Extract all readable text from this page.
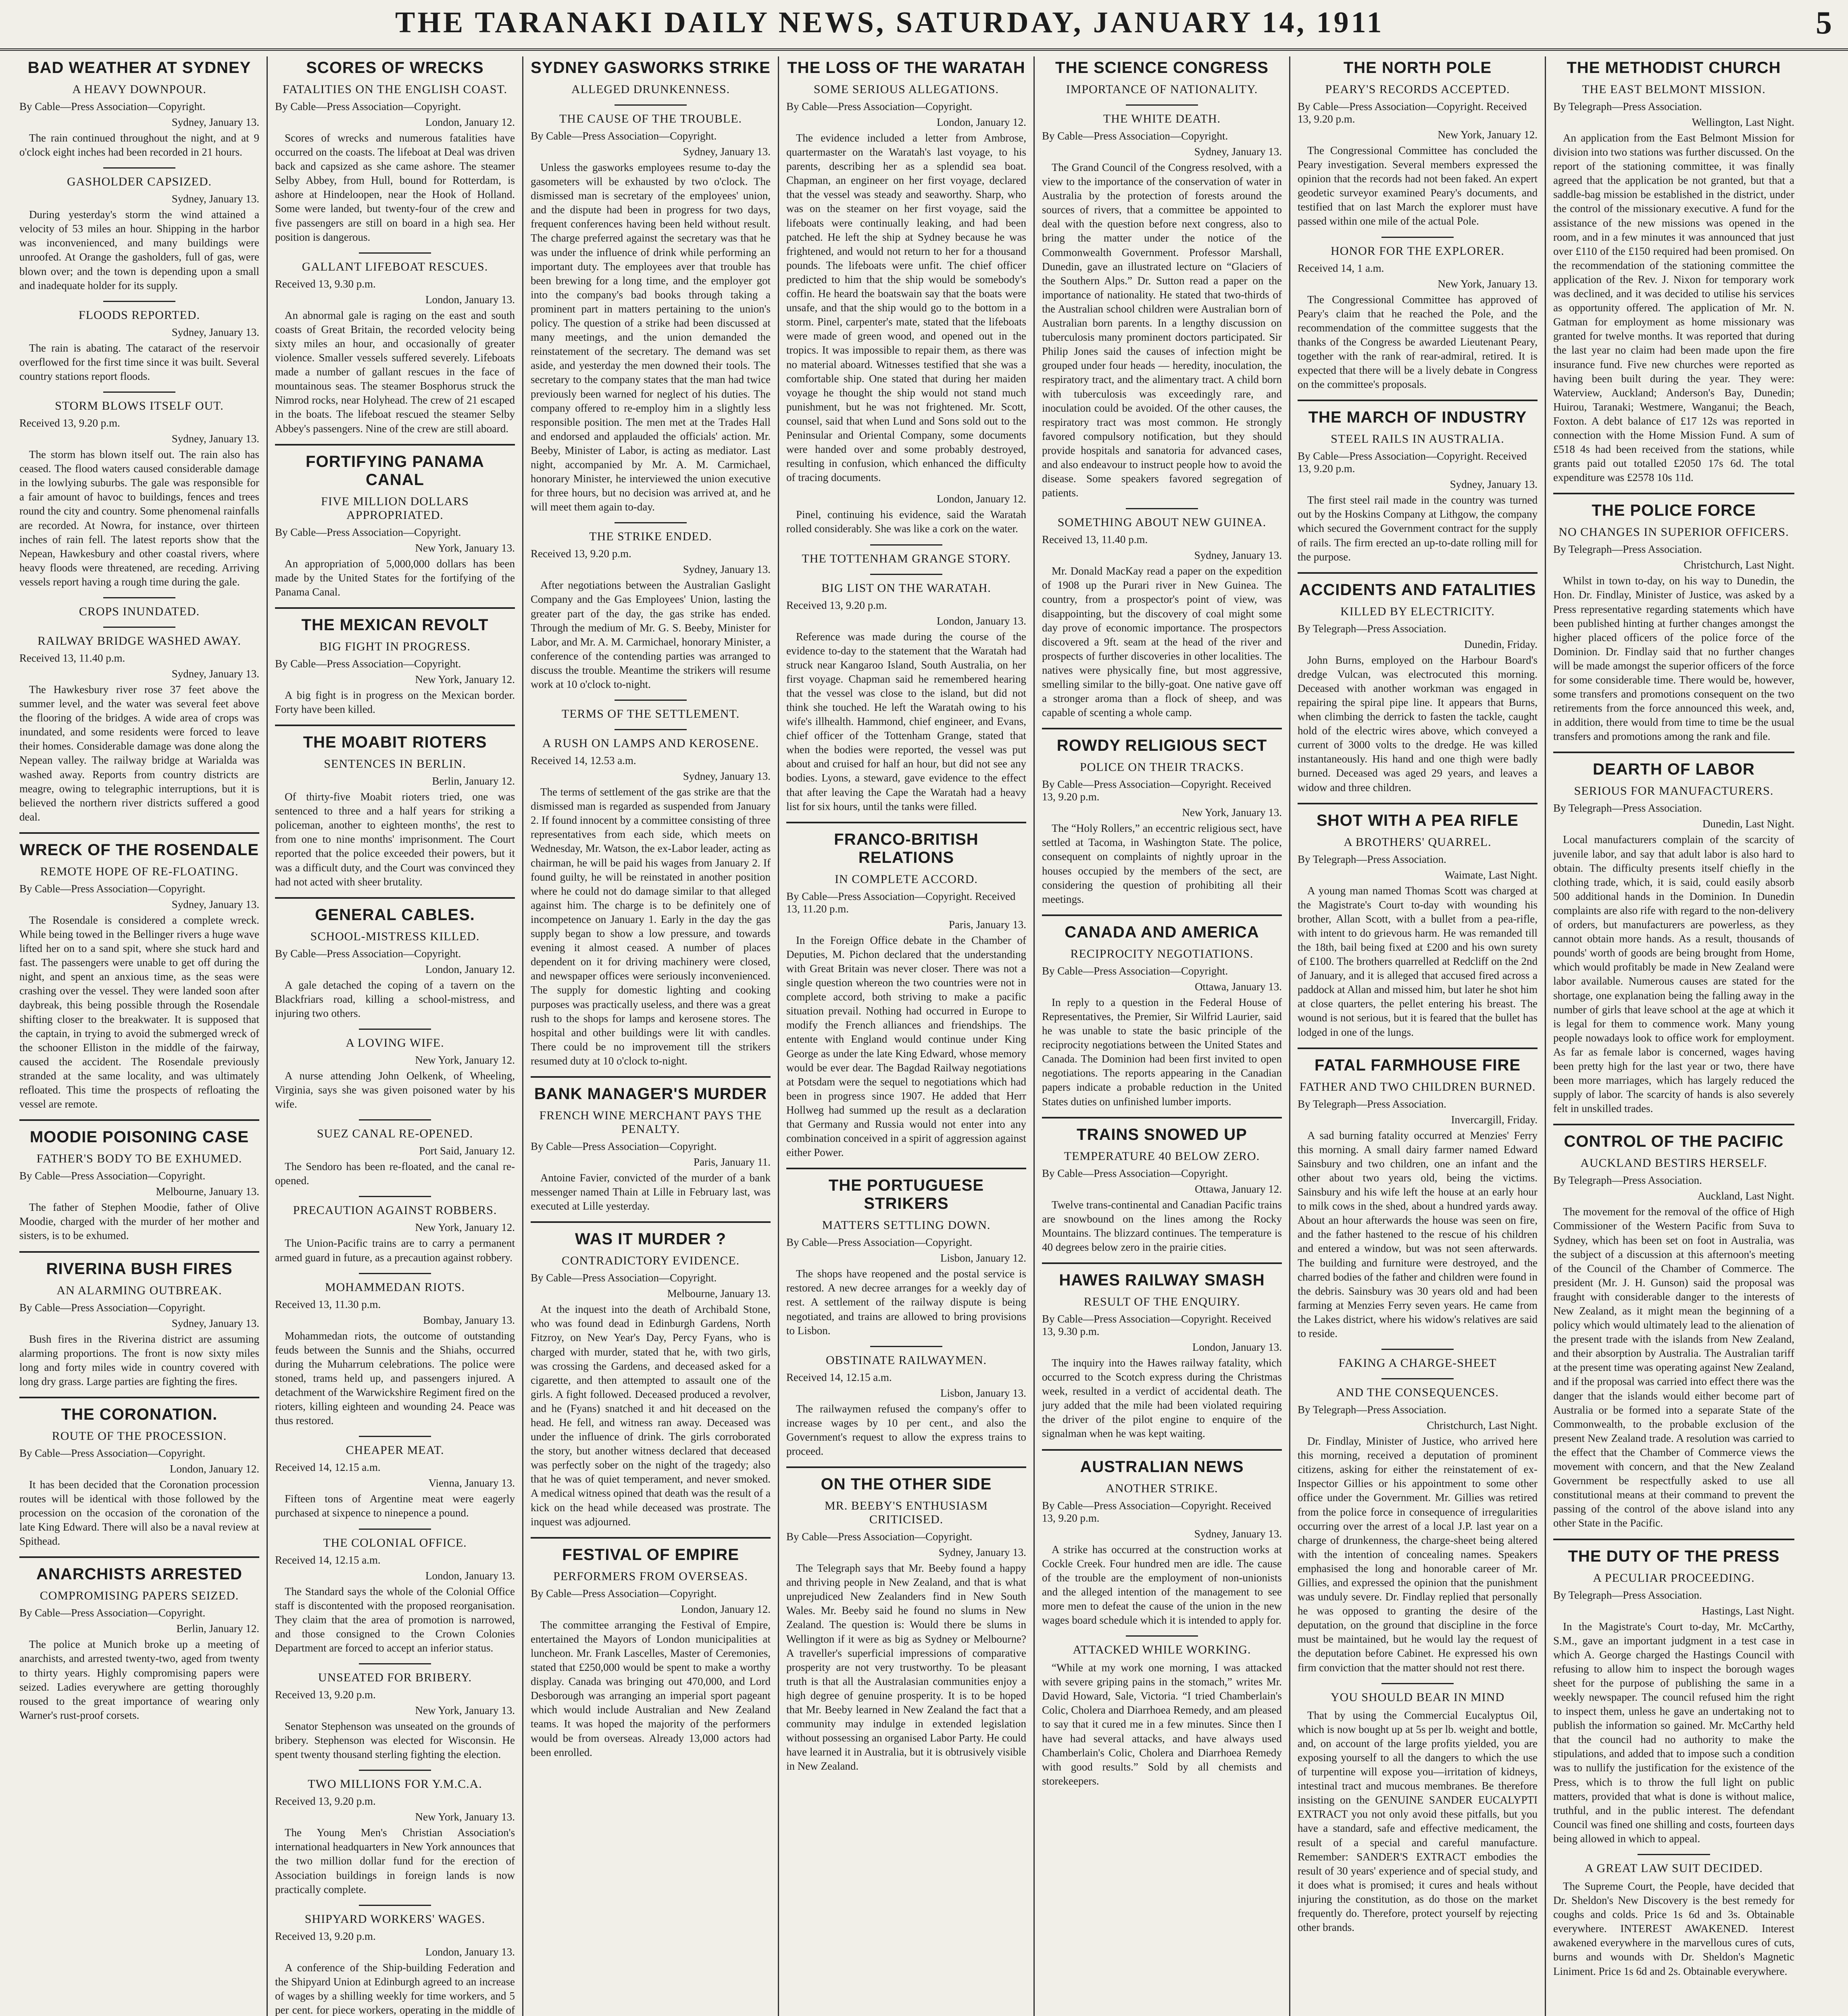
THE TARANAKI DAILY NEWS, SATURDAY, JANUARY 14, 1911	5
BAD WEATHER AT SYDNEY
A HEAVY DOWNPOUR.
By Cable—Press Association—Copyright.
Sydney, January 13.

The rain continued throughout the night, and at 9 o'clock eight inches had been recorded in 21 hours.

GASHOLDER CAPSIZED.
Sydney, January 13.

During yesterday's storm the wind attained a velocity of 53 miles an hour. Shipping in the harbor was inconvenienced, and many buildings were unroofed. At Orange the gasholders, full of gas, were blown over; and the town is depending upon a small and inadequate holder for its supply.

FLOODS REPORTED.
Sydney, January 13.

The rain is abating. The cataract of the reservoir overflowed for the first time since it was built. Several country stations report floods.

STORM BLOWS ITSELF OUT.
Received 13, 9.20 p.m.
Sydney, January 13.

The storm has blown itself out. The rain also has ceased. The flood waters caused considerable damage in the lowlying suburbs. The gale was responsible for a fair amount of havoc to buildings, fences and trees round the city and country. Some phenomenal rainfalls are recorded. At Nowra, for instance, over thirteen inches of rain fell. The latest reports show that the Nepean, Hawkesbury and other coastal rivers, where heavy floods were threatened, are receding. Arriving vessels report having a rough time during the gale.

CROPS INUNDATED.
RAILWAY BRIDGE WASHED AWAY.
Received 13, 11.40 p.m.
Sydney, January 13.

The Hawkesbury river rose 37 feet above the summer level, and the water was several feet above the flooring of the bridges. A wide area of crops was inundated, and some residents were forced to leave their homes. Considerable damage was done along the Nepean valley. The railway bridge at Warialda was washed away. Reports from country districts are meagre, owing to telegraphic interruptions, but it is believed the northern river districts suffered a good deal.

WRECK OF THE ROSENDALE
REMOTE HOPE OF RE-FLOATING.
By Cable—Press Association—Copyright.
Sydney, January 13.

The Rosendale is considered a complete wreck. While being towed in the Bellinger rivers a huge wave lifted her on to a sand spit, where she stuck hard and fast. The passengers were unable to get off during the night, and spent an anxious time, as the seas were crashing over the vessel. They were landed soon after daybreak, this being possible through the Rosendale shifting closer to the breakwater. It is supposed that the captain, in trying to avoid the submerged wreck of the schooner Elliston in the middle of the fairway, caused the accident. The Rosendale previously stranded at the same locality, and was ultimately refloated. This time the prospects of refloating the vessel are remote.

MOODIE POISONING CASE
FATHER'S BODY TO BE EXHUMED.
By Cable—Press Association—Copyright.
Melbourne, January 13.

The father of Stephen Moodie, father of Olive Moodie, charged with the murder of her mother and sisters, is to be exhumed.

RIVERINA BUSH FIRES
AN ALARMING OUTBREAK.
By Cable—Press Association—Copyright.
Sydney, January 13.

Bush fires in the Riverina district are assuming alarming proportions. The front is now sixty miles long and forty miles wide in country covered with long dry grass. Large parties are fighting the fires.

THE CORONATION.
ROUTE OF THE PROCESSION.
By Cable—Press Association—Copyright.
London, January 12.

It has been decided that the Coronation procession routes will be identical with those followed by the procession on the occasion of the coronation of the late King Edward. There will also be a naval review at Spithead.

ANARCHISTS ARRESTED
COMPROMISING PAPERS SEIZED.
By Cable—Press Association—Copyright.
Berlin, January 12.

The police at Munich broke up a meeting of anarchists, and arrested twenty-two, aged from twenty to thirty years. Highly compromising papers were seized. Ladies everywhere are getting thoroughly roused to the great importance of wearing only Warner's rust-proof corsets.

SCORES OF WRECKS
FATALITIES ON THE ENGLISH COAST.
By Cable—Press Association—Copyright.
London, January 12.

Scores of wrecks and numerous fatalities have occurred on the coasts. The lifeboat at Deal was driven back and capsized as she came ashore. The steamer Selby Abbey, from Hull, bound for Rotterdam, is ashore at Hindeloopen, near the Hook of Holland. Some were landed, but twenty-four of the crew and five passengers are still on board in a high sea. Her position is dangerous.

GALLANT LIFEBOAT RESCUES.
Received 13, 9.30 p.m.
London, January 13.

An abnormal gale is raging on the east and south coasts of Great Britain, the recorded velocity being sixty miles an hour, and occasionally of greater violence. Smaller vessels suffered severely. Lifeboats made a number of gallant rescues in the face of mountainous seas. The steamer Bosphorus struck the Nimrod rocks, near Holyhead. The crew of 21 escaped in the boats. The lifeboat rescued the steamer Selby Abbey's passengers. Nine of the crew are still aboard.

FORTIFYING PANAMA CANAL
FIVE MILLION DOLLARS APPROPRIATED.
By Cable—Press Association—Copyright.
New York, January 13.

An appropriation of 5,000,000 dollars has been made by the United States for the fortifying of the Panama Canal.

THE MEXICAN REVOLT
BIG FIGHT IN PROGRESS.
By Cable—Press Association—Copyright.
New York, January 12.

A big fight is in progress on the Mexican border. Forty have been killed.

THE MOABIT RIOTERS
SENTENCES IN BERLIN.
Berlin, January 12.

Of thirty-five Moabit rioters tried, one was sentenced to three and a half years for striking a policeman, another to eighteen months', the rest to from one to nine months' imprisonment. The Court reported that the police exceeded their powers, but it was a difficult duty, and the Court was convinced they had not acted with sheer brutality.

GENERAL CABLES.
SCHOOL-MISTRESS KILLED.
By Cable—Press Association—Copyright.
London, January 12.

A gale detached the coping of a tavern on the Blackfriars road, killing a school-mistress, and injuring two others.

A LOVING WIFE.
New York, January 12.

A nurse attending John Oelkenk, of Wheeling, Virginia, says she was given poisoned water by his wife.

SUEZ CANAL RE-OPENED.
Port Said, January 12.

The Sendoro has been re-floated, and the canal re-opened.

PRECAUTION AGAINST ROBBERS.
New York, January 12.

The Union-Pacific trains are to carry a permanent armed guard in future, as a precaution against robbery.

MOHAMMEDAN RIOTS.
Received 13, 11.30 p.m.
Bombay, January 13.

Mohammedan riots, the outcome of outstanding feuds between the Sunnis and the Shiahs, occurred during the Muharrum celebrations. The police were stoned, trams held up, and passengers injured. A detachment of the Warwickshire Regiment fired on the rioters, killing eighteen and wounding 24. Peace was thus restored.

CHEAPER MEAT.
Received 14, 12.15 a.m.
Vienna, January 13.

Fifteen tons of Argentine meat were eagerly purchased at sixpence to ninepence a pound.

THE COLONIAL OFFICE.
Received 14, 12.15 a.m.
London, January 13.

The Standard says the whole of the Colonial Office staff is discontented with the proposed reorganisation. They claim that the area of promotion is narrowed, and those consigned to the Crown Colonies Department are forced to accept an inferior status.

UNSEATED FOR BRIBERY.
Received 13, 9.20 p.m.
New York, January 13.

Senator Stephenson was unseated on the grounds of bribery. Stephenson was elected for Wisconsin. He spent twenty thousand sterling fighting the election.

TWO MILLIONS FOR Y.M.C.A.
Received 13, 9.20 p.m.
New York, January 13.

The Young Men's Christian Association's international headquarters in New York announces that the two million dollar fund for the erection of Association buildings in foreign lands is now practically complete.

SHIPYARD WORKERS' WAGES.
Received 13, 9.20 p.m.
London, January 13.

A conference of the Ship-building Federation and the Shipyard Union at Edinburgh agreed to an increase of wages by a shilling weekly for time workers, and 5 per cent. for piece workers, operating in the middle of

SYDNEY GASWORKS STRIKE
ALLEGED DRUNKENNESS.
THE CAUSE OF THE TROUBLE.
By Cable—Press Association—Copyright.
Sydney, January 13.

Unless the gasworks employees resume to-day the gasometers will be exhausted by two o'clock. The dismissed man is secretary of the employees' union, and the dispute had been in progress for two days, frequent conferences having been held without result. The charge preferred against the secretary was that he was under the influence of drink while performing an important duty. The employees aver that trouble has been brewing for a long time, and the employer got into the company's bad books through taking a prominent part in matters pertaining to the union's policy. The question of a strike had been discussed at many meetings, and the union demanded the reinstatement of the secretary. The demand was set aside, and yesterday the men downed their tools. The secretary to the company states that the man had twice previously been warned for neglect of his duties. The company offered to re-employ him in a slightly less responsible position. The men met at the Trades Hall and endorsed and applauded the officials' action. Mr. Beeby, Minister of Labor, is acting as mediator. Last night, accompanied by Mr. A. M. Carmichael, honorary Minister, he interviewed the union executive for three hours, but no decision was arrived at, and he will meet them again to-day.

THE STRIKE ENDED.
Received 13, 9.20 p.m.
Sydney, January 13.

After negotiations between the Australian Gaslight Company and the Gas Employees' Union, lasting the greater part of the day, the gas strike has ended. Through the medium of Mr. G. S. Beeby, Minister for Labor, and Mr. A. M. Carmichael, honorary Minister, a conference of the contending parties was arranged to discuss the trouble. Meantime the strikers will resume work at 10 o'clock to-night.

TERMS OF THE SETTLEMENT.
A RUSH ON LAMPS AND KEROSENE.
Received 14, 12.53 a.m.
Sydney, January 13.

The terms of settlement of the gas strike are that the dismissed man is regarded as suspended from January 2. If found innocent by a committee consisting of three representatives from each side, which meets on Wednesday, Mr. Watson, the ex-Labor leader, acting as chairman, he will be paid his wages from January 2. If found guilty, he will be reinstated in another position where he could not do damage similar to that alleged against him. The charge is to be definitely one of incompetence on January 1. Early in the day the gas supply began to show a low pressure, and towards evening it almost ceased. A number of places dependent on it for driving machinery were closed, and newspaper offices were seriously inconvenienced. The supply for domestic lighting and cooking purposes was practically useless, and there was a great rush to the shops for lamps and kerosene stores. The hospital and other buildings were lit with candles. There could be no improvement till the strikers resumed duty at 10 o'clock to-night.

BANK MANAGER'S MURDER
FRENCH WINE MERCHANT PAYS THE PENALTY.
By Cable—Press Association—Copyright.
Paris, January 11.

Antoine Favier, convicted of the murder of a bank messenger named Thain at Lille in February last, was executed at Lille yesterday.

WAS IT MURDER ?
CONTRADICTORY EVIDENCE.
By Cable—Press Association—Copyright.
Melbourne, January 13.

At the inquest into the death of Archibald Stone, who was found dead in Edinburgh Gardens, North Fitzroy, on New Year's Day, Percy Fyans, who is charged with murder, stated that he, with two girls, was crossing the Gardens, and deceased asked for a cigarette, and then attempted to assault one of the girls. A fight followed. Deceased produced a revolver, and he (Fyans) snatched it and hit deceased on the head. He fell, and witness ran away. Deceased was under the influence of drink. The girls corroborated the story, but another witness declared that deceased was perfectly sober on the night of the tragedy; also that he was of quiet temperament, and never smoked. A medical witness opined that death was the result of a kick on the head while deceased was prostrate. The inquest was adjourned.

FESTIVAL OF EMPIRE
PERFORMERS FROM OVERSEAS.
By Cable—Press Association—Copyright.
London, January 12.

The committee arranging the Festival of Empire, entertained the Mayors of London municipalities at luncheon. Mr. Frank Lascelles, Master of Ceremonies, stated that £250,000 would be spent to make a worthy display. Canada was bringing out 470,000, and Lord Desborough was arranging an imperial sport pageant which would include Australian and New Zealand teams. It was hoped the majority of the performers would be from overseas. Already 13,000 actors had been enrolled.

THE LOSS OF THE WARATAH
SOME SERIOUS ALLEGATIONS.
By Cable—Press Association—Copyright.
London, January 12.

The evidence included a letter from Ambrose, quartermaster on the Waratah's last voyage, to his parents, describing her as a splendid sea boat. Chapman, an engineer on her first voyage, declared that the vessel was steady and seaworthy. Sharp, who was on the steamer on her first voyage, said the lifeboats were continually leaking, and had been patched. He left the ship at Sydney because he was frightened, and would not return to her for a thousand pounds. The lifeboats were unfit. The chief officer predicted to him that the ship would be somebody's coffin. He heard the boatswain say that the boats were unsafe, and that the ship would go to the bottom in a storm. Pinel, carpenter's mate, stated that the lifeboats were made of green wood, and opened out in the tropics. It was impossible to repair them, as there was no material aboard. Witnesses testified that she was a comfortable ship. One stated that during her maiden voyage he thought the ship would not stand much punishment, but he was not frightened. Mr. Scott, counsel, said that when Lund and Sons sold out to the Peninsular and Oriental Company, some documents were handed over and some probably destroyed, resulting in confusion, which enhanced the difficulty of tracing documents.

London, January 12.

Pinel, continuing his evidence, said the Waratah rolled considerably. She was like a cork on the water.

THE TOTTENHAM GRANGE STORY.
BIG LIST ON THE WARATAH.
Received 13, 9.20 p.m.
London, January 13.

Reference was made during the course of the evidence to-day to the statement that the Waratah had struck near Kangaroo Island, South Australia, on her first voyage. Chapman said he remembered hearing that the vessel was close to the island, but did not think she touched. He left the Waratah owing to his wife's illhealth. Hammond, chief engineer, and Evans, chief officer of the Tottenham Grange, stated that when the bodies were reported, the vessel was put about and cruised for half an hour, but did not see any bodies. Lyons, a steward, gave evidence to the effect that after leaving the Cape the Waratah had a heavy list for six hours, until the tanks were filled.

FRANCO-BRITISH RELATIONS
IN COMPLETE ACCORD.
By Cable—Press Association—Copyright. Received 13, 11.20 p.m.
Paris, January 13.

In the Foreign Office debate in the Chamber of Deputies, M. Pichon declared that the understanding with Great Britain was never closer. There was not a single question whereon the two countries were not in complete accord, both striving to make a pacific situation prevail. Nothing had occurred in Europe to modify the French alliances and friendships. The entente with England would continue under King George as under the late King Edward, whose memory would be ever dear. The Bagdad Railway negotiations at Potsdam were the sequel to negotiations which had been in progress since 1907. He added that Herr Hollweg had summed up the result as a declaration that Germany and Russia would not enter into any combination conceived in a spirit of aggression against either Power.

THE PORTUGUESE STRIKERS
MATTERS SETTLING DOWN.
By Cable—Press Association—Copyright.
Lisbon, January 12.

The shops have reopened and the postal service is restored. A new decree arranges for a weekly day of rest. A settlement of the railway dispute is being negotiated, and trains are allowed to bring provisions to Lisbon.

OBSTINATE RAILWAYMEN.
Received 14, 12.15 a.m.
Lisbon, January 13.

The railwaymen refused the company's offer to increase wages by 10 per cent., and also the Government's request to allow the express trains to proceed.

ON THE OTHER SIDE
MR. BEEBY'S ENTHUSIASM CRITICISED.
By Cable—Press Association—Copyright.
Sydney, January 13.

The Telegraph says that Mr. Beeby found a happy and thriving people in New Zealand, and that is what unprejudiced New Zealanders find in New South Wales. Mr. Beeby said he found no slums in New Zealand. The question is: Would there be slums in Wellington if it were as big as Sydney or Melbourne? A traveller's superficial impressions of comparative prosperity are not very trustworthy. To be pleasant truth is that all the Australasian communities enjoy a high degree of genuine prosperity. It is to be hoped that Mr. Beeby learned in New Zealand the fact that a community may indulge in extended legislation without possessing an organised Labor Party. He could have learned it in Australia, but it is obtrusively visible in New Zealand.

THE SCIENCE CONGRESS
IMPORTANCE OF NATIONALITY.
THE WHITE DEATH.
By Cable—Press Association—Copyright.
Sydney, January 13.

The Grand Council of the Congress resolved, with a view to the importance of the conservation of water in Australia by the protection of forests around the sources of rivers, that a committee be appointed to deal with the question before next congress, also to bring the matter under the notice of the Commonwealth Government. Professor Marshall, Dunedin, gave an illustrated lecture on “Glaciers of the Southern Alps.” Dr. Sutton read a paper on the importance of nationality. He stated that two-thirds of the Australian school children were Australian born of Australian born parents. In a lengthy discussion on tuberculosis many prominent doctors participated. Sir Philip Jones said the causes of infection might be grouped under four heads — heredity, inoculation, the respiratory tract, and the alimentary tract. A child born with tuberculosis was exceedingly rare, and inoculation could be avoided. Of the other causes, the respiratory tract was most common. He strongly favored compulsory notification, but they should provide hospitals and sanatoria for advanced cases, and also endeavour to instruct people how to avoid the disease. Some speakers favored segregation of patients.

SOMETHING ABOUT NEW GUINEA.
Received 13, 11.40 p.m.
Sydney, January 13.

Mr. Donald MacKay read a paper on the expedition of 1908 up the Purari river in New Guinea. The country, from a prospector's point of view, was disappointing, but the discovery of coal might some day prove of economic importance. The prospectors discovered a 9ft. seam at the head of the river and prospects of further discoveries in other localities. The natives were physically fine, but most aggressive, smelling similar to the billy-goat. One native gave off a stronger aroma than a flock of sheep, and was capable of scenting a whole camp.

ROWDY RELIGIOUS SECT
POLICE ON THEIR TRACKS.
By Cable—Press Association—Copyright. Received 13, 9.20 p.m.
New York, January 13.

The “Holy Rollers,” an eccentric religious sect, have settled at Tacoma, in Washington State. The police, consequent on complaints of nightly uproar in the houses occupied by the members of the sect, are considering the question of prohibiting all their meetings.

CANADA AND AMERICA
RECIPROCITY NEGOTIATIONS.
By Cable—Press Association—Copyright.
Ottawa, January 13.

In reply to a question in the Federal House of Representatives, the Premier, Sir Wilfrid Laurier, said he was unable to state the basic principle of the reciprocity negotiations between the United States and Canada. The Dominion had been first invited to open negotiations. The reports appearing in the Canadian papers indicate a probable reduction in the United States duties on unfinished lumber imports.

TRAINS SNOWED UP
TEMPERATURE 40 BELOW ZERO.
By Cable—Press Association—Copyright.
Ottawa, January 12.

Twelve trans-continental and Canadian Pacific trains are snowbound on the lines among the Rocky Mountains. The blizzard continues. The temperature is 40 degrees below zero in the prairie cities.

HAWES RAILWAY SMASH
RESULT OF THE ENQUIRY.
By Cable—Press Association—Copyright. Received 13, 9.30 p.m.
London, January 13.

The inquiry into the Hawes railway fatality, which occurred to the Scotch express during the Christmas week, resulted in a verdict of accidental death. The jury added that the mile had been violated requiring the driver of the pilot engine to enquire of the signalman when he was kept waiting.

AUSTRALIAN NEWS
ANOTHER STRIKE.
By Cable—Press Association—Copyright. Received 13, 9.20 p.m.
Sydney, January 13.

A strike has occurred at the construction works at Cockle Creek. Four hundred men are idle. The cause of the trouble are the employment of non-unionists and the alleged intention of the management to see more men to defeat the cause of the union in the new wages board schedule which it is intended to apply for.

ATTACKED WHILE WORKING.

“While at my work one morning, I was attacked with severe griping pains in the stomach,” writes Mr. David Howard, Sale, Victoria. “I tried Chamberlain's Colic, Cholera and Diarrhoea Remedy, and am pleased to say that it cured me in a few minutes. Since then I have had several attacks, and have always used Chamberlain's Colic, Cholera and Diarrhoea Remedy with good results.” Sold by all chemists and storekeepers.

THE NORTH POLE
PEARY'S RECORDS ACCEPTED.
By Cable—Press Association—Copyright. Received 13, 9.20 p.m.
New York, January 12.

The Congressional Committee has concluded the Peary investigation. Several members expressed the opinion that the records had not been faked. An expert geodetic surveyor examined Peary's documents, and testified that on last March the explorer must have passed within one mile of the actual Pole.

HONOR FOR THE EXPLORER.
Received 14, 1 a.m.
New York, January 13.

The Congressional Committee has approved of Peary's claim that he reached the Pole, and the recommendation of the committee suggests that the thanks of the Congress be awarded Lieutenant Peary, together with the rank of rear-admiral, retired. It is expected that there will be a lively debate in Congress on the committee's proposals.

THE MARCH OF INDUSTRY
STEEL RAILS IN AUSTRALIA.
By Cable—Press Association—Copyright. Received 13, 9.20 p.m.
Sydney, January 13.

The first steel rail made in the country was turned out by the Hoskins Company at Lithgow, the company which secured the Government contract for the supply of rails. The firm erected an up-to-date rolling mill for the purpose.

ACCIDENTS AND FATALITIES
KILLED BY ELECTRICITY.
By Telegraph—Press Association.
Dunedin, Friday.

John Burns, employed on the Harbour Board's dredge Vulcan, was electrocuted this morning. Deceased with another workman was engaged in repairing the spiral pipe line. It appears that Burns, when climbing the derrick to fasten the tackle, caught hold of the electric wires above, which conveyed a current of 3000 volts to the dredge. He was killed instantaneously. His hand and one thigh were badly burned. Deceased was aged 29 years, and leaves a widow and three children.

SHOT WITH A PEA RIFLE
A BROTHERS' QUARREL.
By Telegraph—Press Association.
Waimate, Last Night.

A young man named Thomas Scott was charged at the Magistrate's Court to-day with wounding his brother, Allan Scott, with a bullet from a pea-rifle, with intent to do grievous harm. He was remanded till the 18th, bail being fixed at £200 and his own surety of £100. The brothers quarrelled at Redcliff on the 2nd of January, and it is alleged that accused fired across a paddock at Allan and missed him, but later he shot him at close quarters, the pellet entering his breast. The wound is not serious, but it is feared that the bullet has lodged in one of the lungs.

FATAL FARMHOUSE FIRE
FATHER AND TWO CHILDREN BURNED.
By Telegraph—Press Association.
Invercargill, Friday.

A sad burning fatality occurred at Menzies' Ferry this morning. A small dairy farmer named Edward Sainsbury and two children, one an infant and the other about two years old, being the victims. Sainsbury and his wife left the house at an early hour to milk cows in the shed, about a hundred yards away. About an hour afterwards the house was seen on fire, and the father hastened to the rescue of his children and entered a window, but was not seen afterwards. The building and furniture were destroyed, and the charred bodies of the father and children were found in the debris. Sainsbury was 30 years old and had been farming at Menzies Ferry seven years. He came from the Lakes district, where his widow's relatives are said to reside.

FAKING A CHARGE-SHEET
AND THE CONSEQUENCES.
By Telegraph—Press Association.
Christchurch, Last Night.

Dr. Findlay, Minister of Justice, who arrived here this morning, received a deputation of prominent citizens, asking for either the reinstatement of ex-Inspector Gillies or his appointment to some other office under the Government. Mr. Gillies was retired from the police force in consequence of irregularities occurring over the arrest of a local J.P. last year on a charge of drunkenness, the charge-sheet being altered with the intention of concealing names. Speakers emphasised the long and honorable career of Mr. Gillies, and expressed the opinion that the punishment was unduly severe. Dr. Findlay replied that personally he was opposed to granting the desire of the deputation, on the ground that discipline in the force must be maintained, but he would lay the request of the deputation before Cabinet. He expressed his own firm conviction that the matter should not rest there.

YOU SHOULD BEAR IN MIND

That by using the Commercial Eucalyptus Oil, which is now bought up at 5s per lb. weight and bottle, and, on account of the large profits yielded, you are exposing yourself to all the dangers to which the use of turpentine will expose you—irritation of kidneys, intestinal tract and mucous membranes. Be therefore insisting on the GENUINE SANDER EUCALYPTI EXTRACT you not only avoid these pitfalls, but you have a standard, safe and effective medicament, the result of a special and careful manufacture. Remember: SANDER'S EXTRACT embodies the result of 30 years' experience and of special study, and it does what is promised; it cures and heals without injuring the constitution, as do those on the market frequently do. Therefore, protect yourself by rejecting other brands.

THE METHODIST CHURCH
THE EAST BELMONT MISSION.
By Telegraph—Press Association.
Wellington, Last Night.

An application from the East Belmont Mission for division into two stations was further discussed. On the report of the stationing committee, it was finally agreed that the application be not granted, but that a saddle-bag mission be established in the district, under the control of the missionary executive. A fund for the assistance of the new missions was opened in the room, and in a few minutes it was announced that just over £110 of the £150 required had been promised. On the recommendation of the stationing committee the application of the Rev. J. Nixon for temporary work was declined, and it was decided to utilise his services as opportunity offered. The application of Mr. N. Gatman for employment as home missionary was granted for twelve months. It was reported that during the last year no claim had been made upon the fire insurance fund. Five new churches were reported as having been built during the year. They were: Waterview, Auckland; Anderson's Bay, Dunedin; Huirou, Taranaki; Westmere, Wanganui; the Beach, Foxton. A debt balance of £17 12s was reported in connection with the Home Mission Fund. A sum of £518 4s had been received from the stations, while grants paid out totalled £2050 17s 6d. The total expenditure was £2578 10s 11d.

THE POLICE FORCE
NO CHANGES IN SUPERIOR OFFICERS.
By Telegraph—Press Association.
Christchurch, Last Night.

Whilst in town to-day, on his way to Dunedin, the Hon. Dr. Findlay, Minister of Justice, was asked by a Press representative regarding statements which have been published hinting at further changes amongst the higher placed officers of the police force of the Dominion. Dr. Findlay said that no further changes will be made amongst the superior officers of the force for some considerable time. There would be, however, some transfers and promotions consequent on the two retirements from the force announced this week, and, in addition, there would from time to time be the usual transfers and promotions among the rank and file.

DEARTH OF LABOR
SERIOUS FOR MANUFACTURERS.
By Telegraph—Press Association.
Dunedin, Last Night.

Local manufacturers complain of the scarcity of juvenile labor, and say that adult labor is also hard to obtain. The difficulty presents itself chiefly in the clothing trade, which, it is said, could easily absorb 500 additional hands in the Dominion. In Dunedin complaints are also rife with regard to the non-delivery of orders, but manufacturers are powerless, as they cannot obtain more hands. As a result, thousands of pounds' worth of goods are being brought from Home, which would profitably be made in New Zealand were labor available. Numerous causes are stated for the shortage, one explanation being the falling away in the number of girls that leave school at the age at which it is legal for them to commence work. Many young people nowadays look to office work for employment. As far as female labor is concerned, wages having been pretty high for the last year or two, there have been more marriages, which has largely reduced the supply of labor. The scarcity of hands is also severely felt in unskilled trades.

CONTROL OF THE PACIFIC
AUCKLAND BESTIRS HERSELF.
By Telegraph—Press Association.
Auckland, Last Night.

The movement for the removal of the office of High Commissioner of the Western Pacific from Suva to Sydney, which has been set on foot in Australia, was the subject of a discussion at this afternoon's meeting of the Council of the Chamber of Commerce. The president (Mr. J. H. Gunson) said the proposal was fraught with considerable danger to the interests of New Zealand, as it might mean the beginning of a policy which would ultimately lead to the alienation of the present trade with the islands from New Zealand, and their absorption by Australia. The Australian tariff at the present time was operating against New Zealand, and if the proposal was carried into effect there was the danger that the islands would either become part of Australia or be formed into a separate State of the Commonwealth, to the probable exclusion of the present New Zealand trade. A resolution was carried to the effect that the Chamber of Commerce views the movement with concern, and that the New Zealand Government be respectfully asked to use all constitutional means at their command to prevent the passing of the control of the above island into any other State in the Pacific.

THE DUTY OF THE PRESS
A PECULIAR PROCEEDING.
By Telegraph—Press Association.
Hastings, Last Night.

In the Magistrate's Court to-day, Mr. McCarthy, S.M., gave an important judgment in a test case in which A. George charged the Hastings Council with refusing to allow him to inspect the borough wages sheet for the purpose of publishing the same in a weekly newspaper. The council refused him the right to inspect them, unless he gave an undertaking not to publish the information so gained. Mr. McCarthy held that the council had no authority to make the stipulations, and added that to impose such a condition was to nullify the justification for the existence of the Press, which is to throw the full light on public matters, provided that what is done is without malice, truthful, and in the public interest. The defendant Council was fined one shilling and costs, fourteen days being allowed in which to appeal.

A GREAT LAW SUIT DECIDED.

The Supreme Court, the People, have decided that Dr. Sheldon's New Discovery is the best remedy for coughs and colds. Price 1s 6d and 3s. Obtainable everywhere. INTEREST AWAKENED. Interest awakened everywhere in the marvellous cures of cuts, burns and wounds with Dr. Sheldon's Magnetic Liniment. Price 1s 6d and 2s. Obtainable everywhere.
